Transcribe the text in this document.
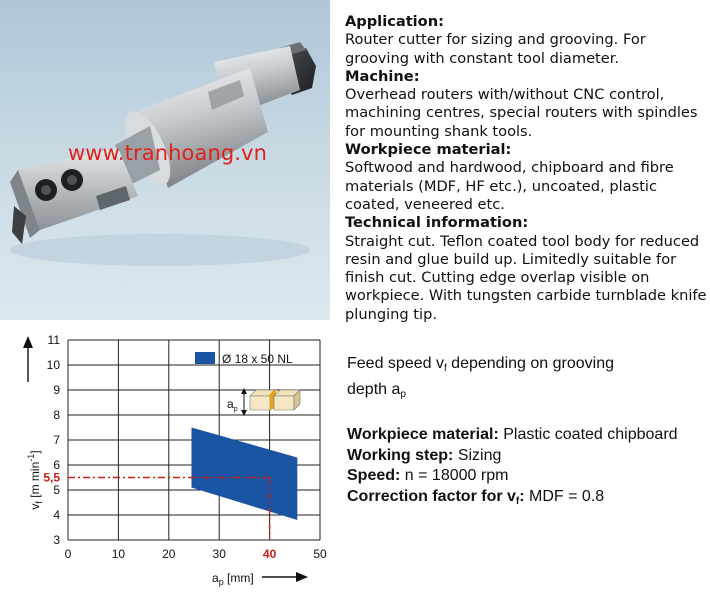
www.tranhoang.vn
Application:
Router cutter for sizing and grooving. For grooving with constant tool diameter.
Machine:
Overhead routers with/without CNC control, machining centres, special routers with spindles for mounting shank tools.
Workpiece material:
Softwood and hardwood, chipboard and fibre materials (MDF, HF etc.), uncoated, plastic coated, veneered etc.
Technical information:
Straight cut. Teflon coated tool body for reduced resin and glue build up. Limitedly suitable for finish cut. Cutting edge overlap visible on workpiece. With tungsten carbide turnblade knife plunging tip.
0	10	20	30	50
3
4
5
6
7
8
9
10
11
5,5
40
$v_f$ [m $\min^{-1}$]
$a_p$ [mm]
Ø 18 x 50 NL
$a_p$
Feed speed $v_f$ depending on grooving
depth $a_p$
Workpiece material: Plastic coated chipboard
Working step: Sizing
Speed: n = 18000 rpm
Correction factor for $v_f$: MDF = 0.8
